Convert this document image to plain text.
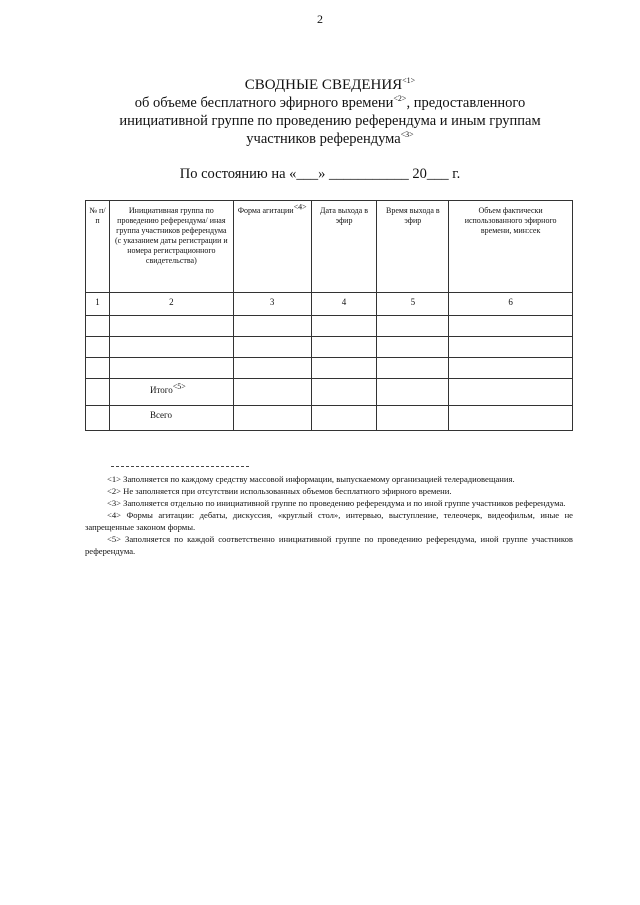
2
СВОДНЫЕ $СВЕДЕНИЯ^{<1>}$
об объеме бесплатного эфирного времени$^{<2>}$, предоставленного
инициативной группе по проведению референдума и иным группам
участников референдума$^{<3>}$
По состоянию на «___» ___________ 20___ г.
№ п/п	Инициативная группа по проведению референдума/ иная группа участников референдума (с указанием даты регистрации и номера регистрационного свидетельства)	Форма агитации$^{<4>}$	Дата выхода в эфир	Время выхода в эфир	Объем фактически использованного эфирного времени, мин:сек
1	2	3	4	5	6

	Итого$^{<5>}$				
	Всего				

<1> Заполняется по каждому средству массовой информации, выпускаемому организацией телерадиовещания.

<2> Не заполняется при отсутствии использованных объемов бесплатного эфирного времени.

<3> Заполняется отдельно по инициативной группе по проведению референдума и по иной группе участников референдума.

<4> Формы агитации: дебаты, дискуссия, «круглый стол», интервью, выступление, телеочерк, видеофильм, иные не запрещенные законом формы.

<5> Заполняется по каждой соответственно инициативной группе по проведению референдума, иной группе участников референдума.
